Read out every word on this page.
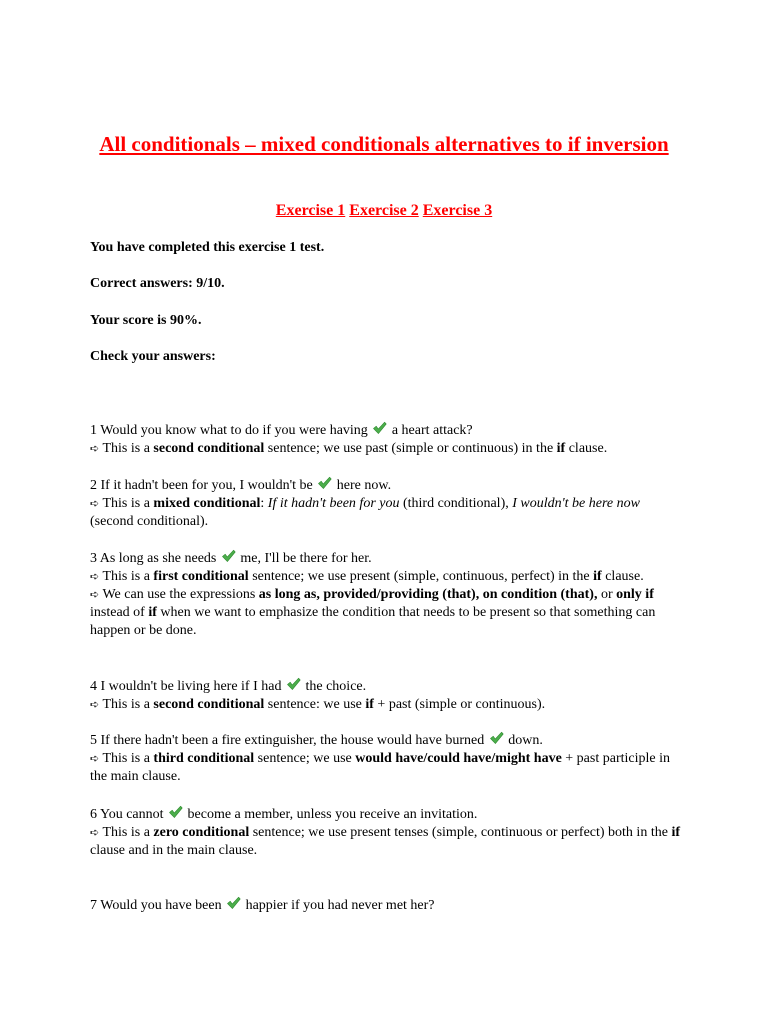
All conditionals – mixed conditionals alternatives to if inversion
Exercise 1 Exercise 2 Exercise 3

You have completed this exercise 1 test.

Correct answers: 9/10.

Your score is 90%.

Check your answers:

1 Would you know what to do if you were having a heart attack?
➪ This is a second conditional sentence; we use past (simple or continuous) in the if clause.
2 If it hadn't been for you, I wouldn't be here now.
➪ This is a mixed conditional: If it hadn't been for you (third conditional), I wouldn't be here now (second conditional).
3 As long as she needs me, I'll be there for her.
➪ This is a first conditional sentence; we use present (simple, continuous, perfect) in the if clause.
➪ We can use the expressions as long as, provided/providing (that), on condition (that), or only if instead of if when we want to emphasize the condition that needs to be present so that something can happen or be done.
4 I wouldn't be living here if I had the choice.
➪ This is a second conditional sentence: we use if + past (simple or continuous).
5 If there hadn't been a fire extinguisher, the house would have burned down.
➪ This is a third conditional sentence; we use would have/could have/might have + past participle in the main clause.
6 You cannot become a member, unless you receive an invitation.
➪ This is a zero conditional sentence; we use present tenses (simple, continuous or perfect) both in the if clause and in the main clause.
7 Would you have been happier if you had never met her?
